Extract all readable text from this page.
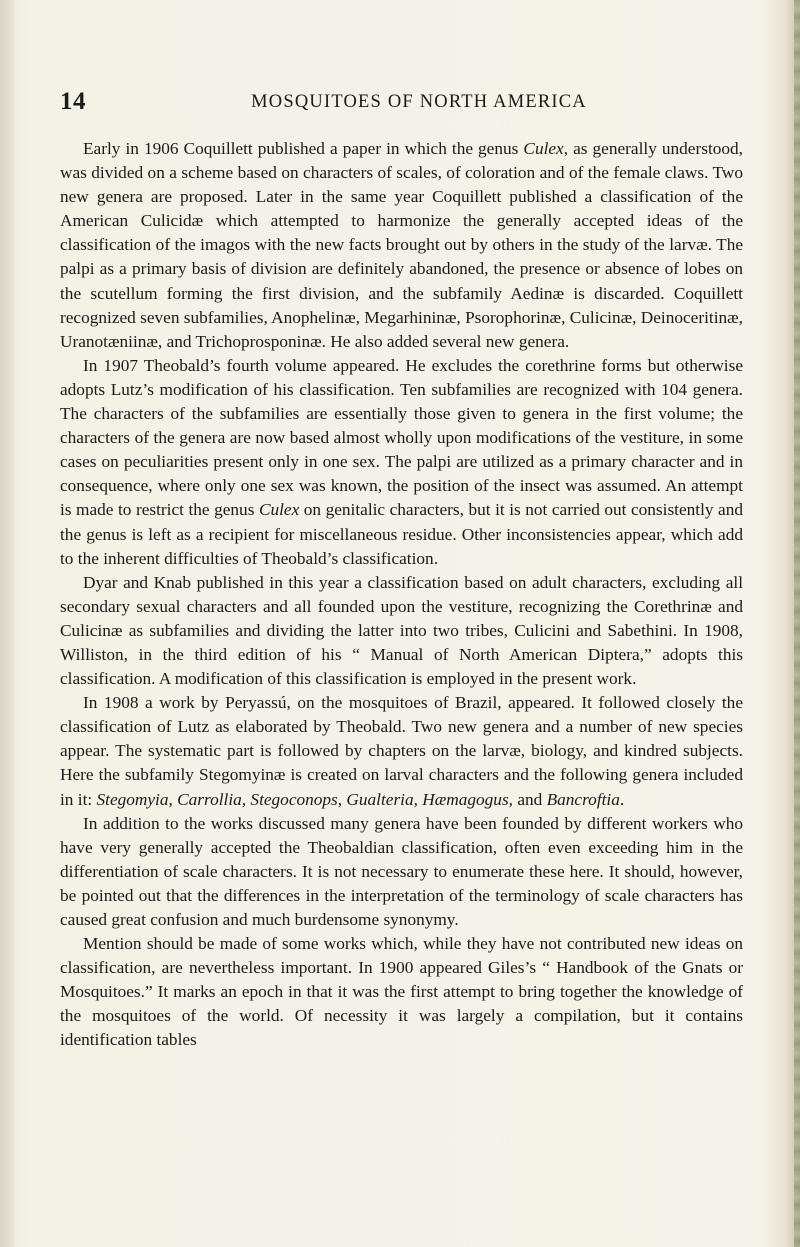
14	MOSQUITOES OF NORTH AMERICA

Early in 1906 Coquillett published a paper in which the genus Culex, as generally understood, was divided on a scheme based on characters of scales, of coloration and of the female claws. Two new genera are proposed. Later in the same year Coquillett published a classification of the American Culicidæ which attempted to harmonize the generally accepted ideas of the classification of the imagos with the new facts brought out by others in the study of the larvæ. The palpi as a primary basis of division are definitely abandoned, the presence or absence of lobes on the scutellum forming the first division, and the subfamily Aedinæ is discarded. Coquillett recognized seven subfamilies, Anophelinæ, Megarhininæ, Psorophorinæ, Culicinæ, Deinoceritinæ, Uranotæniinæ, and Trichoprosponinæ. He also added several new genera.

In 1907 Theobald’s fourth volume appeared. He excludes the corethrine forms but otherwise adopts Lutz’s modification of his classification. Ten subfamilies are recognized with 104 genera. The characters of the subfamilies are essentially those given to genera in the first volume; the characters of the genera are now based almost wholly upon modifications of the vestiture, in some cases on peculiarities present only in one sex. The palpi are utilized as a primary character and in consequence, where only one sex was known, the position of the insect was assumed. An attempt is made to restrict the genus Culex on genitalic characters, but it is not carried out consistently and the genus is left as a recipient for miscellaneous residue. Other inconsistencies appear, which add to the inherent difficulties of Theobald’s classification.

Dyar and Knab published in this year a classification based on adult characters, excluding all secondary sexual characters and all founded upon the vestiture, recognizing the Corethrinæ and Culicinæ as subfamilies and dividing the latter into two tribes, Culicini and Sabethini. In 1908, Williston, in the third edition of his “ Manual of North American Diptera,” adopts this classification. A modification of this classification is employed in the present work.

In 1908 a work by Peryassú, on the mosquitoes of Brazil, appeared. It followed closely the classification of Lutz as elaborated by Theobald. Two new genera and a number of new species appear. The systematic part is followed by chapters on the larvæ, biology, and kindred subjects. Here the subfamily Stegomyinæ is created on larval characters and the following genera included in it: Stegomyia, Carrollia, Stegoconops, Gualteria, Hæmagogus, and Bancroftia.

In addition to the works discussed many genera have been founded by different workers who have very generally accepted the Theobaldian classification, often even exceeding him in the differentiation of scale characters. It is not necessary to enumerate these here. It should, however, be pointed out that the differences in the interpretation of the terminology of scale characters has caused great confusion and much burdensome synonymy.

Mention should be made of some works which, while they have not contributed new ideas on classification, are nevertheless important. In 1900 appeared Giles’s “ Handbook of the Gnats or Mosquitoes.” It marks an epoch in that it was the first attempt to bring together the knowledge of the mosquitoes of the world. Of necessity it was largely a compilation, but it contains identification tables
